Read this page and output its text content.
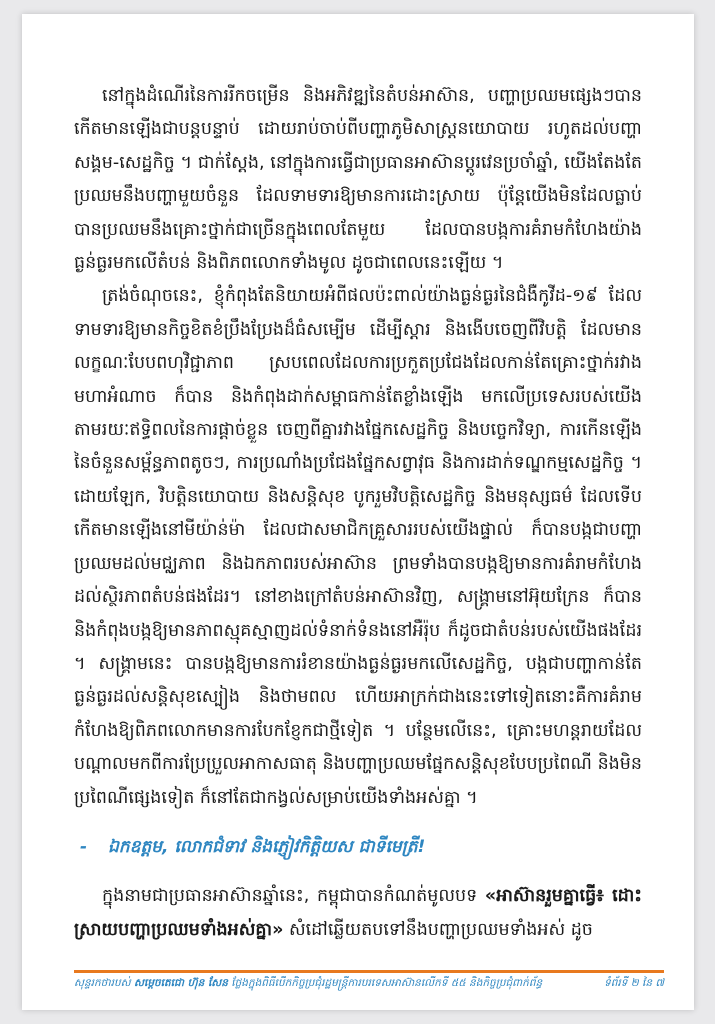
នៅក្នុងដំណើរនៃការរីកចម្រើន និងអភិវឌ្ឍនៃតំបន់អាស៊ាន, បញ្ហាប្រឈមផ្សេងៗបានកើតមានឡើងជាបន្តបន្ទាប់ ដោយរាប់ចាប់ពីបញ្ហាភូមិសាស្ត្រនយោបាយ រហូតដល់បញ្ហាសង្គម-សេដ្ឋកិច្ច ។ ជាក់ស្តែង, នៅក្នុងការធ្វើជាប្រធានអាស៊ានប្តូរវេនប្រចាំឆ្នាំ, យើងតែងតែប្រឈមនឹងបញ្ហាមួយចំនួន ដែលទាមទារឱ្យមានការដោះស្រាយ ប៉ុន្តែយើងមិនដែលធ្លាប់បានប្រឈមនឹងគ្រោះថ្នាក់ជាច្រើនក្នុងពេលតែមួយ ដែលបានបង្កការគំរាមកំហែងយ៉ាងធ្ងន់ធ្ងរមកលើតំបន់ និងពិភពលោកទាំងមូល ដូចជាពេលនេះឡើយ ។

ត្រង់ចំណុចនេះ, ខ្ញុំកំពុងតែនិយាយអំពីផលប៉ះពាល់យ៉ាងធ្ងន់ធ្ងរនៃជំងឺកូវីដ-១៩ ដែលទាមទារឱ្យមានកិច្ចខិតខំប្រឹងប្រែងដ៏ធំសម្បើម ដើម្បីស្តារ និងងើបចេញពីវិបត្តិ ដែលមានលក្ខណៈបែបពហុវិជ្ជាភាព ស្របពេលដែលការប្រកួតប្រជែងដែលកាន់តែគ្រោះថ្នាក់រវាងមហាអំណាច ក៏បាន និងកំពុងដាក់សម្ពាធកាន់តែខ្លាំងឡើង មកលើប្រទេសរបស់យើងតាមរយៈឥទ្ធិពលនៃការផ្តាច់ខ្លួន ចេញពីគ្នារវាងផ្នែកសេដ្ឋកិច្ច និងបច្ចេកវិទ្យា, ការកើនឡើងនៃចំនួនសម្ព័ន្ធភាពតូចៗ, ការប្រណាំងប្រជែងផ្នែកសព្វាវុធ និងការដាក់ទណ្ឌកម្មសេដ្ឋកិច្ច ។ ដោយឡែក, វិបត្តិនយោបាយ និងសន្តិសុខ បូករួមវិបត្តិសេដ្ឋកិច្ច និងមនុស្សធម៌ ដែលទើបកើតមានឡើងនៅមីយ៉ាន់ម៉ា ដែលជាសមាជិកគ្រួសាររបស់យើងផ្ទាល់ ក៏បានបង្កជាបញ្ហាប្រឈមដល់មជ្ឈភាព និងឯកភាពរបស់អាស៊ាន ព្រមទាំងបានបង្កឱ្យមានការគំរាមកំហែងដល់ស្ថិរភាពតំបន់ផងដែរ។ នៅខាងក្រៅតំបន់អាស៊ានវិញ, សង្គ្រាមនៅអ៊ុយក្រែន ក៏បាន និងកំពុងបង្កឱ្យមានភាពស្មុគស្មាញដល់ទំនាក់ទំនងនៅអឺរ៉ុប ក៏ដូចជាតំបន់របស់យើងផងដែរ ។ សង្គ្រាមនេះ បានបង្កឱ្យមានការរំខានយ៉ាងធ្ងន់ធ្ងរមកលើសេដ្ឋកិច្ច, បង្កជាបញ្ហាកាន់តែធ្ងន់ធ្ងរដល់សន្តិសុខស្បៀង និងថាមពល ហើយអាក្រក់ជាងនេះទៅទៀតនោះគឺការគំរាមកំហែងឱ្យពិភពលោកមានការបែកខ្ញែកជាថ្មីទៀត ។ បន្ថែមលើនេះ, គ្រោះមហន្តរាយដែលបណ្តាលមកពីការប្រែប្រួលអាកាសធាតុ និងបញ្ហាប្រឈមផ្នែកសន្តិសុខបែបប្រពៃណី និងមិនប្រពៃណីផ្សេងទៀត ក៏នៅតែជាកង្វល់សម្រាប់យើងទាំងអស់គ្នា ។

- ឯកឧត្តម, លោកជំទាវ និងភ្ញៀវកិត្តិយស ជាទីមេត្រី!

ក្នុងនាមជាប្រធានអាស៊ានឆ្នាំនេះ, កម្ពុជាបានកំណត់មូលបទ «អាស៊ានរួមគ្នាធ្វើ៖ ដោះស្រាយបញ្ហាប្រឈមទាំងអស់គ្នា» សំដៅឆ្លើយតបទៅនឹងបញ្ហាប្រឈមទាំងអស់ ដូច

សុន្ទរកថារបស់ សម្តេចតេជោ ហ៊ុន សែន ថ្លែងក្នុងពិធីបើកកិច្ចប្រជុំរដ្ឋមន្ត្រីការបរទេសអាស៊ានលើកទី ៥៥ និងកិច្ចប្រជុំពាក់ព័ន្ធ	ទំព័រទី ២ នៃ ៧
